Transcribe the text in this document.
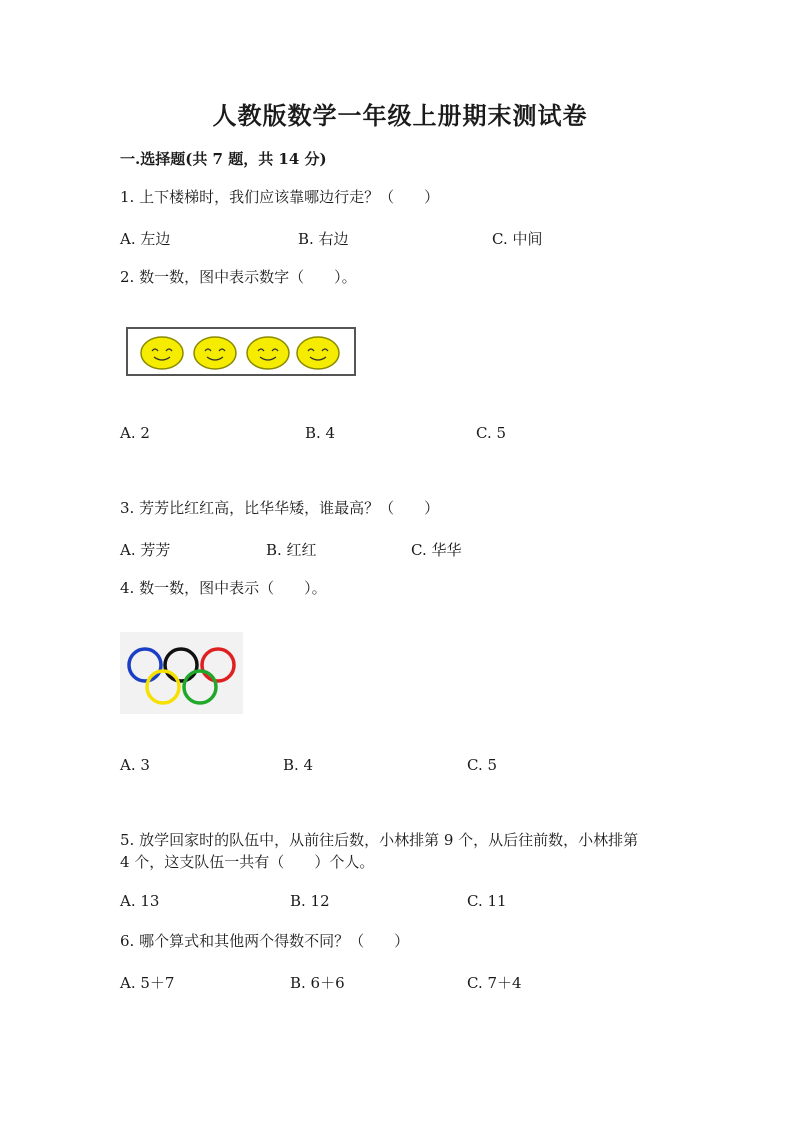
人教版数学一年级上册期末测试卷
一.选择题(共 7 题，共 14 分)
1. 上下楼梯时，我们应该靠哪边行走？（　　）
A. 左边	B. 右边	C. 中间
2. 数一数，图中表示数字（　　）。
A. 2	B. 4	C. 5
3. 芳芳比红红高，比华华矮，谁最高？（　　）
A. 芳芳	B. 红红	C. 华华
4. 数一数，图中表示（　　）。
A. 3	B. 4	C. 5
5. 放学回家时的队伍中，从前往后数，小林排第 9 个，从后往前数，小林排第
4 个，这支队伍一共有（　　）个人。
A. 13	B. 12	C. 11
6. 哪个算式和其他两个得数不同？（　　）
A. 5＋7	B. 6＋6	C. 7＋4
